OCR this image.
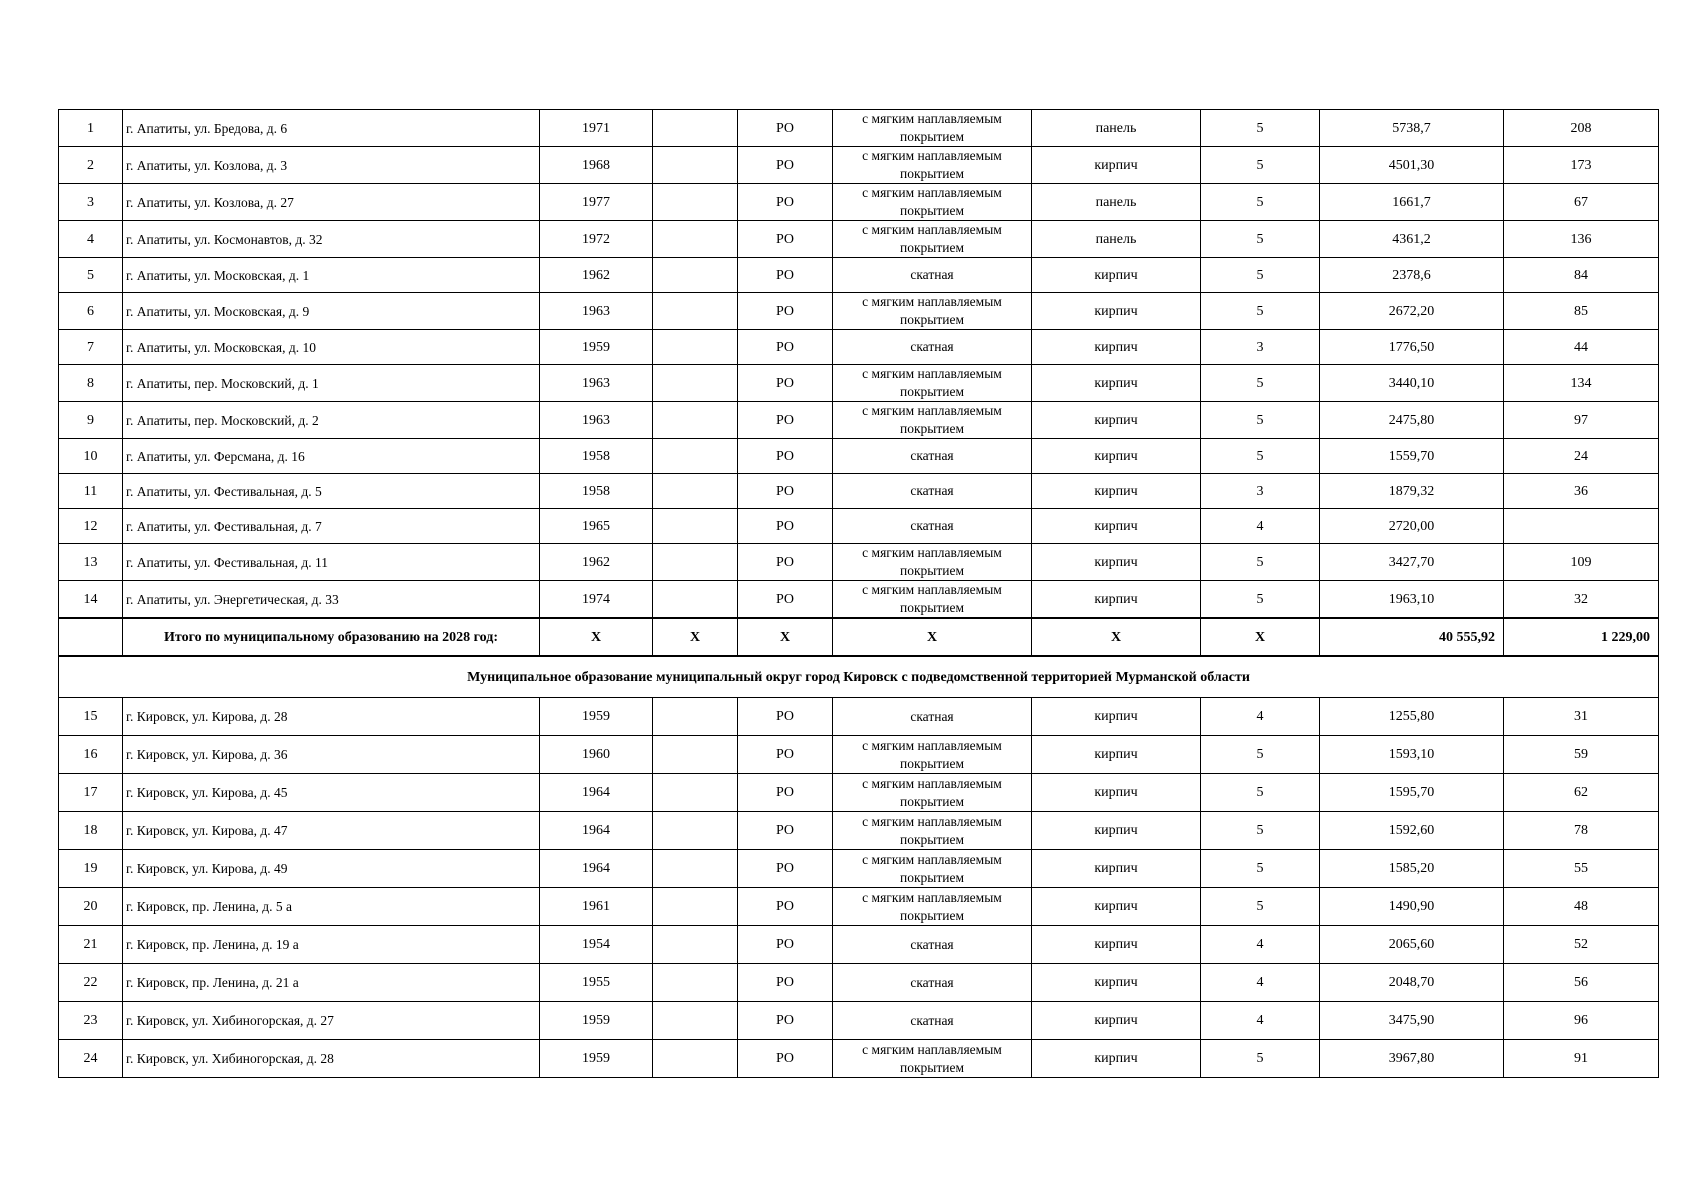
1	г. Апатиты, ул. Бредова, д. 6	1971		РО	с мягким наплавляемым покрытием	панель	5	5738,7	208
2	г. Апатиты, ул. Козлова, д. 3	1968		РО	с мягким наплавляемым покрытием	кирпич	5	4501,30	173
3	г. Апатиты, ул. Козлова, д. 27	1977		РО	с мягким наплавляемым покрытием	панель	5	1661,7	67
4	г. Апатиты, ул. Космонавтов, д. 32	1972		РО	с мягким наплавляемым покрытием	панель	5	4361,2	136
5	г. Апатиты, ул. Московская, д. 1	1962		РО	скатная	кирпич	5	2378,6	84
6	г. Апатиты, ул. Московская, д. 9	1963		РО	с мягким наплавляемым покрытием	кирпич	5	2672,20	85
7	г. Апатиты, ул. Московская, д. 10	1959		РО	скатная	кирпич	3	1776,50	44
8	г. Апатиты, пер. Московский, д. 1	1963		РО	с мягким наплавляемым покрытием	кирпич	5	3440,10	134
9	г. Апатиты, пер. Московский, д. 2	1963		РО	с мягким наплавляемым покрытием	кирпич	5	2475,80	97
10	г. Апатиты, ул. Ферсмана, д. 16	1958		РО	скатная	кирпич	5	1559,70	24
11	г. Апатиты, ул. Фестивальная, д. 5	1958		РО	скатная	кирпич	3	1879,32	36
12	г. Апатиты, ул. Фестивальная, д. 7	1965		РО	скатная	кирпич	4	2720,00	
13	г. Апатиты, ул. Фестивальная, д. 11	1962		РО	с мягким наплавляемым покрытием	кирпич	5	3427,70	109
14	г. Апатиты, ул. Энергетическая, д. 33	1974		РО	с мягким наплавляемым покрытием	кирпич	5	1963,10	32
	Итого по муниципальному образованию на 2028 год:	X	X	X	X	X	X	40 555,92	1 229,00
Муниципальное образование муниципальный округ город Кировск с подведомственной территорией Мурманской области									
15	г. Кировск, ул. Кирова, д. 28	1959		РО	скатная	кирпич	4	1255,80	31
16	г. Кировск, ул. Кирова, д. 36	1960		РО	с мягким наплавляемым покрытием	кирпич	5	1593,10	59
17	г. Кировск, ул. Кирова, д. 45	1964		РО	с мягким наплавляемым покрытием	кирпич	5	1595,70	62
18	г. Кировск, ул. Кирова, д. 47	1964		РО	с мягким наплавляемым покрытием	кирпич	5	1592,60	78
19	г. Кировск, ул. Кирова, д. 49	1964		РО	с мягким наплавляемым покрытием	кирпич	5	1585,20	55
20	г. Кировск, пр. Ленина, д. 5 а	1961		РО	с мягким наплавляемым покрытием	кирпич	5	1490,90	48
21	г. Кировск, пр. Ленина, д. 19 а	1954		РО	скатная	кирпич	4	2065,60	52
22	г. Кировск, пр. Ленина, д. 21 а	1955		РО	скатная	кирпич	4	2048,70	56
23	г. Кировск, ул. Хибиногорская, д. 27	1959		РО	скатная	кирпич	4	3475,90	96
24	г. Кировск, ул. Хибиногорская, д. 28	1959		РО	с мягким наплавляемым покрытием	кирпич	5	3967,80	91
